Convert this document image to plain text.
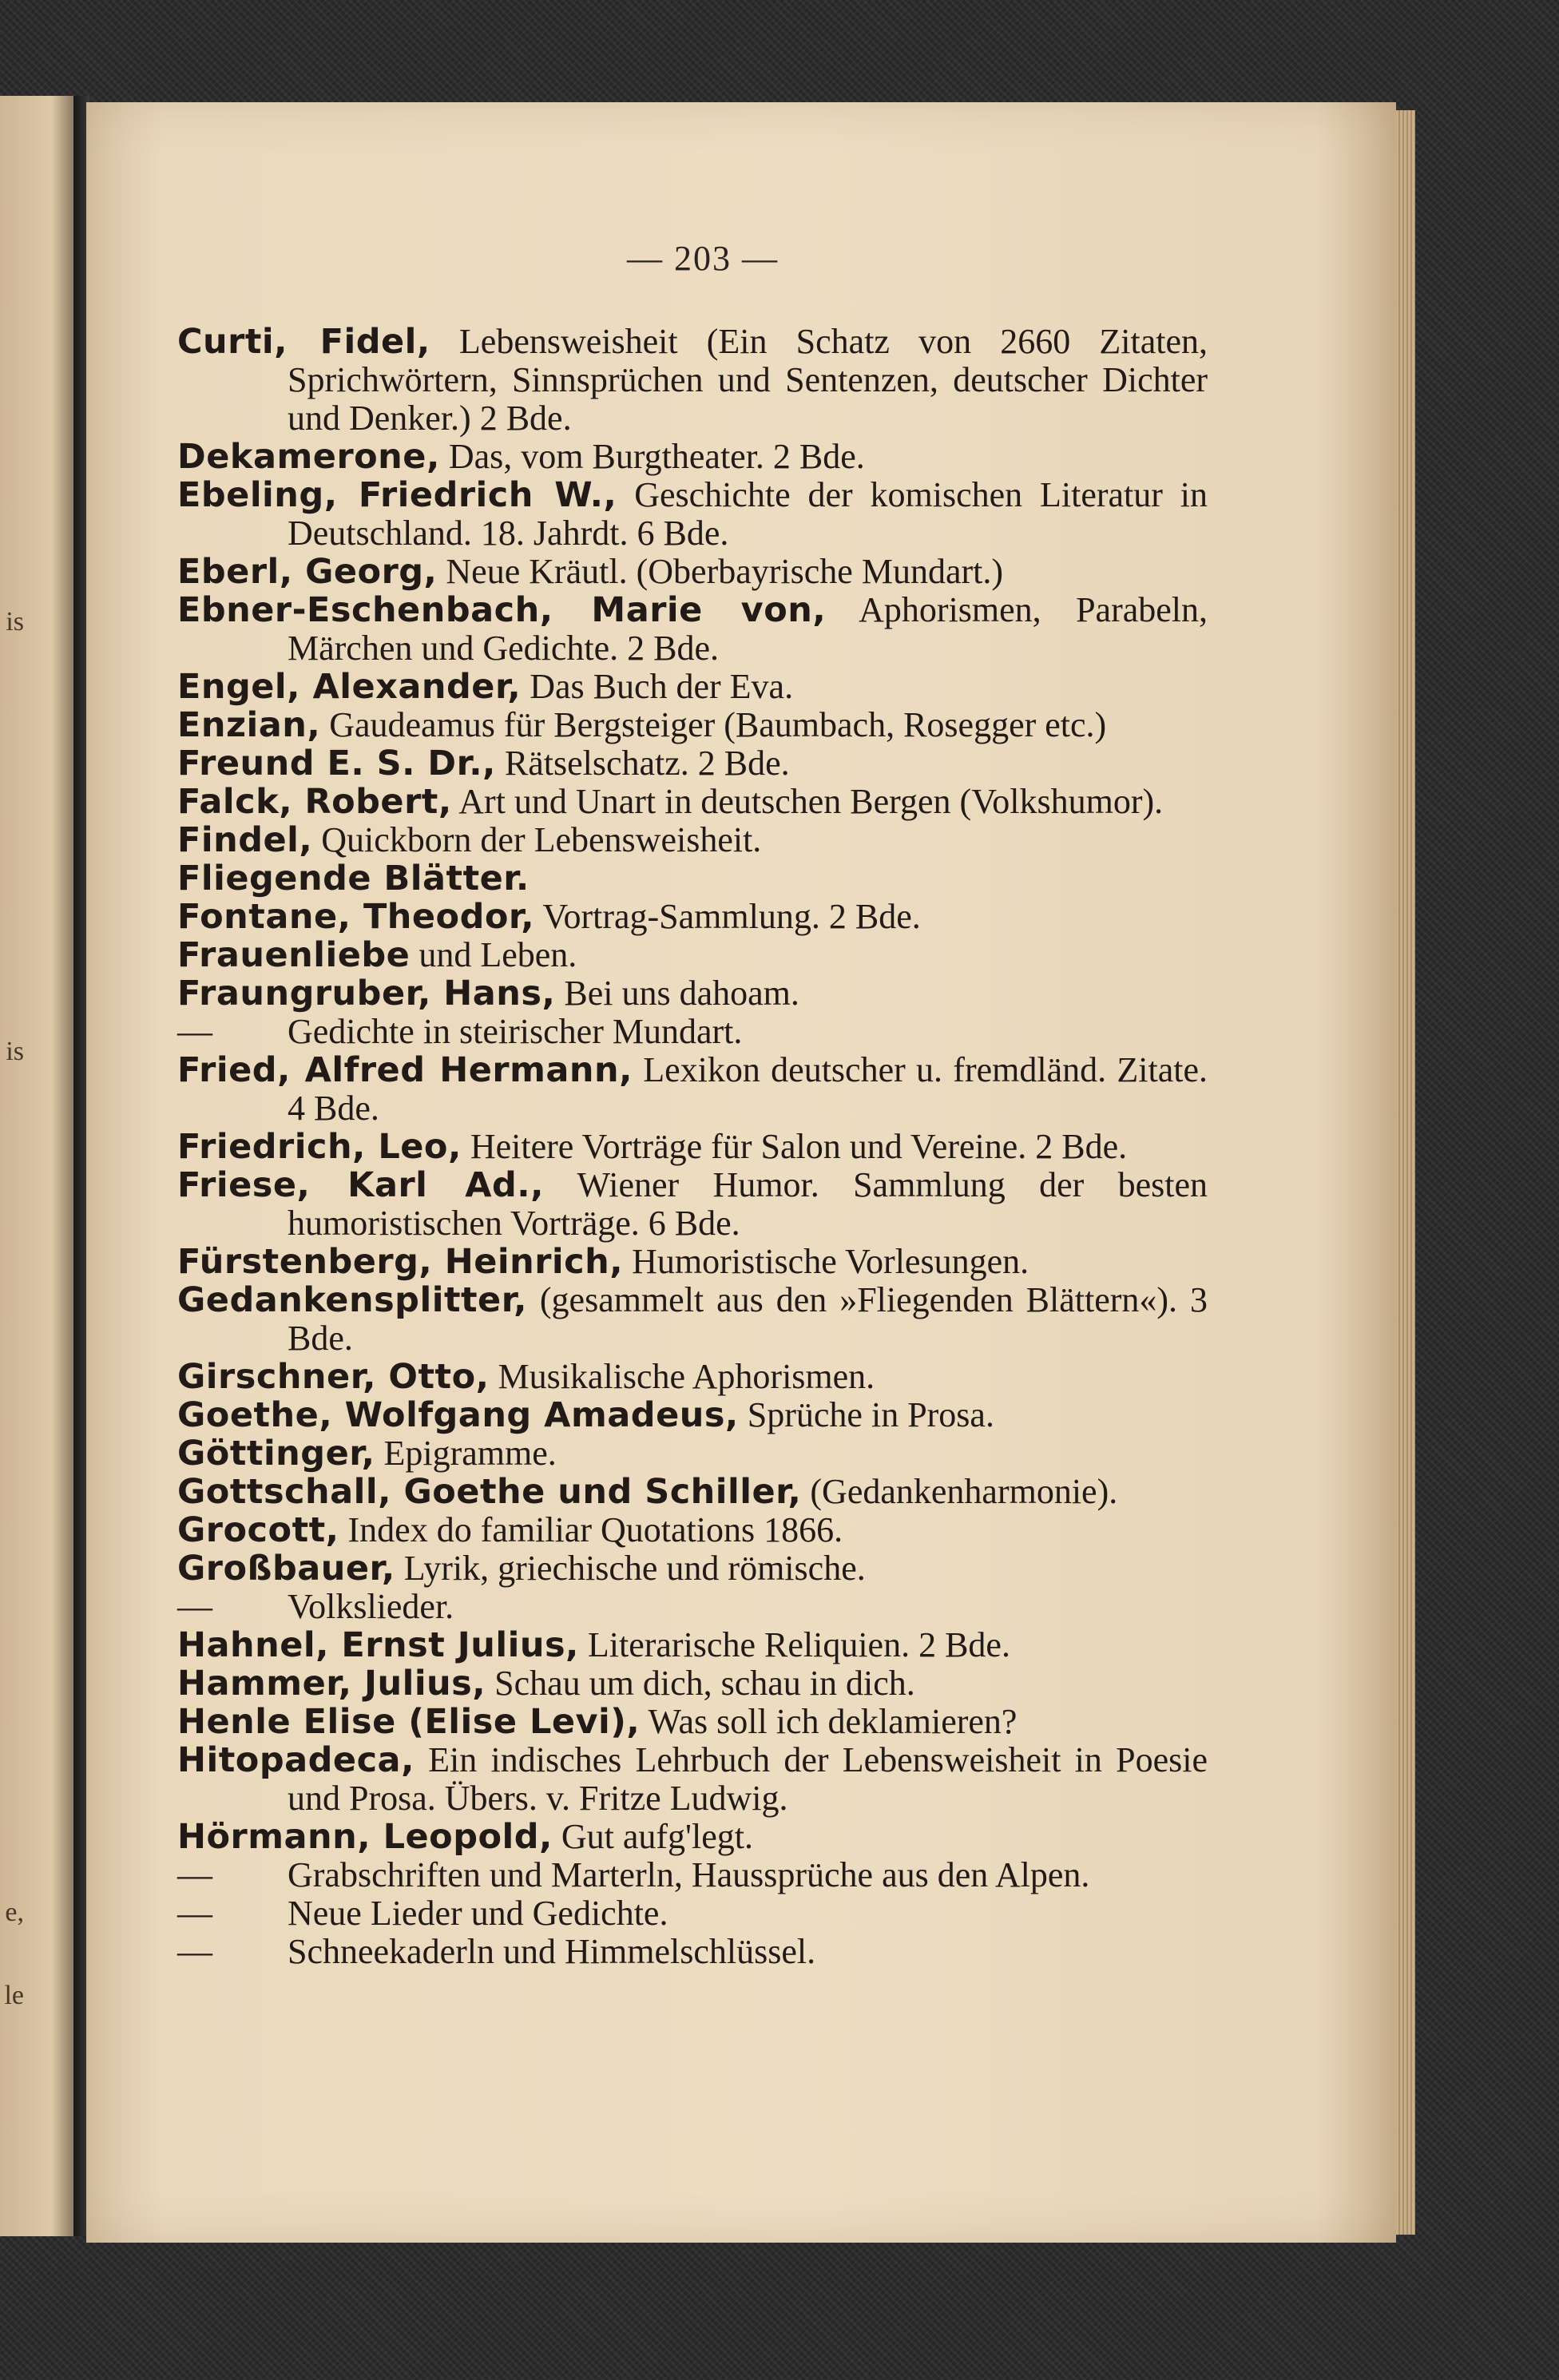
is
is
e,
le
— 203 —
Curti, Fidel, Lebensweisheit (Ein Schatz von 2660 Zitaten, Sprichwörtern, Sinnsprüchen und Sentenzen, deutscher Dichter und Denker.) 2 Bde.
Dekamerone, Das, vom Burgtheater. 2 Bde.
Ebeling, Friedrich W., Geschichte der komischen Literatur in Deutschland. 18. Jahrdt. 6 Bde.
Eberl, Georg, Neue Kräutl. (Oberbayrische Mundart.)
Ebner-Eschenbach, Marie von, Aphorismen, Parabeln, Märchen und Gedichte. 2 Bde.
Engel, Alexander, Das Buch der Eva.
Enzian, Gaudeamus für Bergsteiger (Baumbach, Rosegger etc.)
Freund E. S. Dr., Rätselschatz. 2 Bde.
Falck, Robert, Art und Unart in deutschen Bergen (Volkshumor).
Findel, Quickborn der Lebensweisheit.
Fliegende Blätter.
Fontane, Theodor, Vortrag-Sammlung. 2 Bde.
Frauenliebe und Leben.
Fraungruber, Hans, Bei uns dahoam.
— Gedichte in steirischer Mundart.
Fried, Alfred Hermann, Lexikon deutscher u. fremdländ. Zitate. 4 Bde.
Friedrich, Leo, Heitere Vorträge für Salon und Vereine. 2 Bde.
Friese, Karl Ad., Wiener Humor. Sammlung der besten humoristischen Vorträge. 6 Bde.
Fürstenberg, Heinrich, Humoristische Vorlesungen.
Gedankensplitter, (gesammelt aus den »Fliegenden Blättern«). 3 Bde.
Girschner, Otto, Musikalische Aphorismen.
Goethe, Wolfgang Amadeus, Sprüche in Prosa.
Göttinger, Epigramme.
Gottschall, Goethe und Schiller, (Gedankenharmonie).
Grocott, Index do familiar Quotations 1866.
Großbauer, Lyrik, griechische und römische.
— Volkslieder.
Hahnel, Ernst Julius, Literarische Reliquien. 2 Bde.
Hammer, Julius, Schau um dich, schau in dich.
Henle Elise (Elise Levi), Was soll ich deklamieren?
Hitopadeca, Ein indisches Lehrbuch der Lebensweisheit in Poesie und Prosa. Übers. v. Fritze Ludwig.
Hörmann, Leopold, Gut aufg'legt.
— Grabschriften und Marterln, Haussprüche aus den Alpen.
— Neue Lieder und Gedichte.
— Schneekaderln und Himmelschlüssel.
